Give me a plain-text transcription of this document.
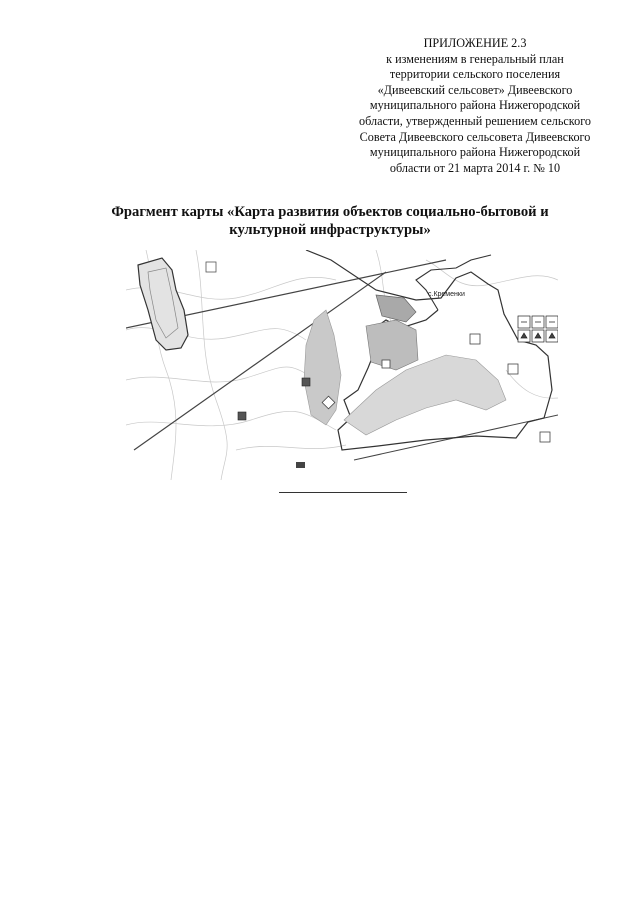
ПРИЛОЖЕНИЕ 2.3
к изменениям в генеральный план
территории сельского поселения
«Дивеевский сельсовет» Дивеевского
муниципального района Нижегородской
области, утвержденный решением сельского
Совета Дивеевского сельсовета Дивеевского
муниципального района Нижегородской
области от 21 марта 2014 г. № 10
Фрагмент карты «Карта развития объектов социально-бытовой и
культурной инфраструктуры»
с.Кременки
